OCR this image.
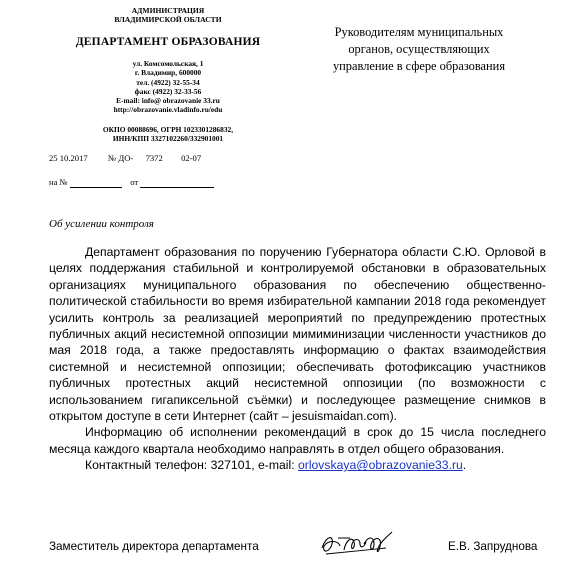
АДМИНИСТРАЦИЯ
ВЛАДИМИРСКОЙ ОБЛАСТИ
ДЕПАРТАМЕНТ ОБРАЗОВАНИЯ
ул. Комсомольская, 1
г. Владимир, 600000
тел. (4922) 32-55-34
факс (4922) 32-33-56
E-mail: info@ obrazovanie 33.ru
http://obrazovanie.vladinfo.ru/edu
ОКПО 00088696, ОГРН 1023301286832,
ИНН/КПП 3327102260/332901001
Руководителям муниципальных
органов, осуществляющих
управление в сфере образования
25 10.2017 № ДО- 7372 02-07
на №	от
Об усилении контроля

Департамент образования по поручению Губернатора области С.Ю. Орловой в целях поддержания стабильной и контролируемой обстановки в образовательных организациях муниципального образования по обеспечению общественно-политической стабильности во время избирательной кампании 2018 года рекомендует усилить контроль за реализацией мероприятий по предупреждению протестных публичных акций несистемной оппозиции мимиминизации численности участников до мая 2018 года, а также предоставлять информацию о фактах взаимодействия системной и несистемной оппозиции; обеспечивать фотофиксацию участников публичных протестных акций несистемной оппозиции (по возможности с использованием гигапиксельной съёмки) и последующее размещение снимков в открытом доступе в сети Интернет (сайт – jesuismaidan.com).

Информацию об исполнении рекомендаций в срок до 15 числа последнего месяца каждого квартала необходимо направлять в отдел общего образования.

Контактный телефон: 327101, e-mail: orlovskaya@obrazovanie33.ru.

Заместитель директора департамента	Е.В. Запруднова
